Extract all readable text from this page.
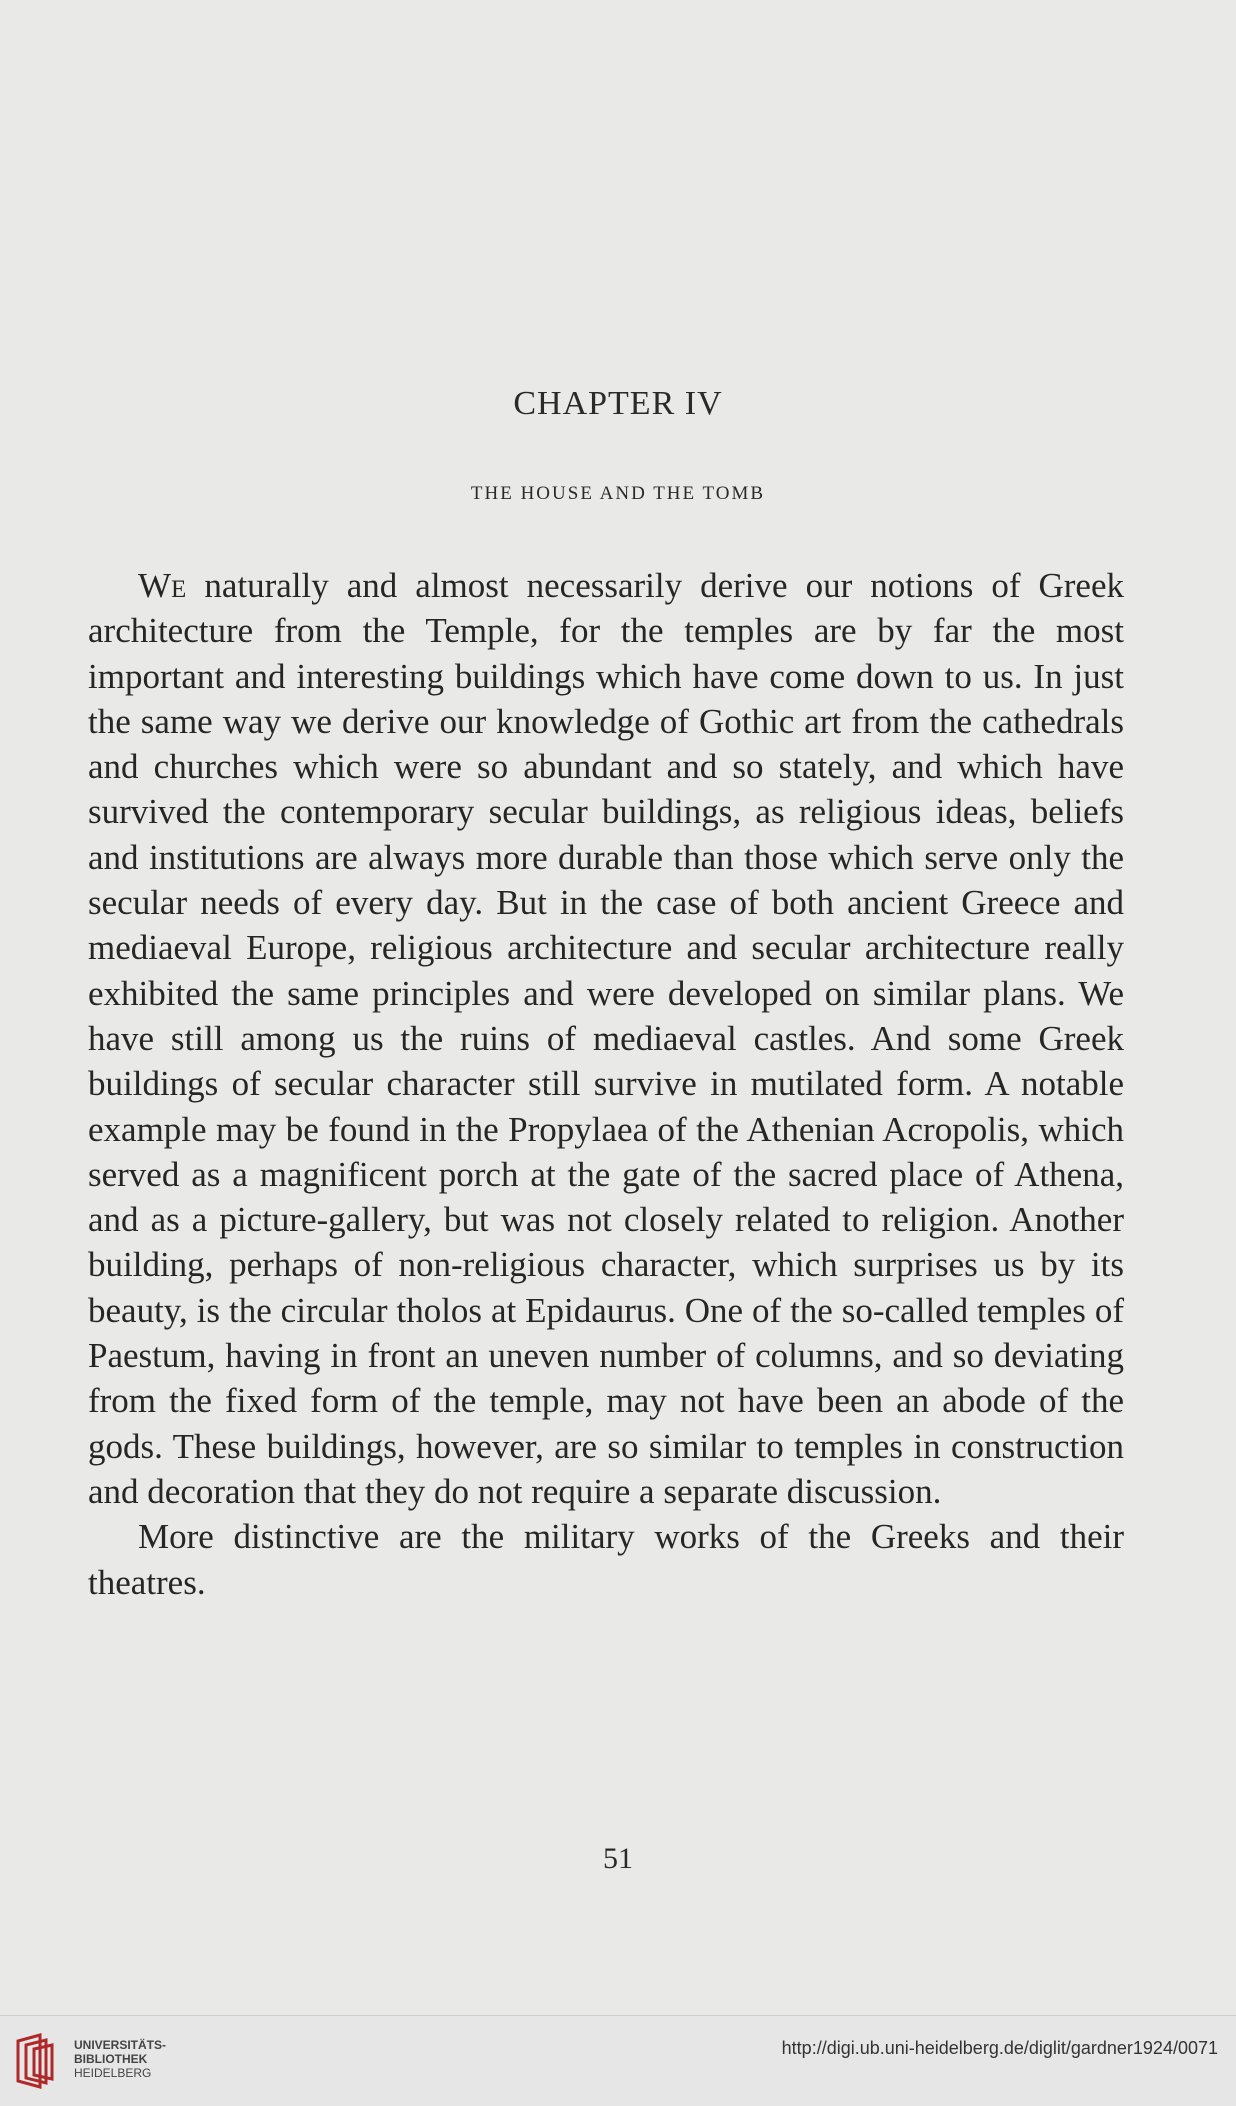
CHAPTER IV
THE HOUSE AND THE TOMB

We naturally and almost necessarily derive our notions of Greek architecture from the Temple, for the temples are by far the most important and interesting buildings which have come down to us. In just the same way we derive our knowledge of Gothic art from the cathedrals and churches which were so abundant and so stately, and which have survived the contemporary secular buildings, as religious ideas, beliefs and institutions are always more durable than those which serve only the secular needs of every day. But in the case of both ancient Greece and mediaeval Europe, religious architecture and secular architecture really exhibited the same principles and were developed on similar plans. We have still among us the ruins of mediaeval castles. And some Greek buildings of secular character still survive in mutilated form. A notable example may be found in the Propylaea of the Athenian Acropolis, which served as a magnificent porch at the gate of the sacred place of Athena, and as a picture-gallery, but was not closely related to religion. Another building, perhaps of non-religious character, which surprises us by its beauty, is the circular tholos at Epidaurus. One of the so-called temples of Paestum, having in front an uneven number of columns, and so deviating from the fixed form of the temple, may not have been an abode of the gods. These buildings, however, are so similar to temples in construction and decoration that they do not require a separate discussion.

More distinctive are the military works of the Greeks and their theatres.

51
UNIVERSITÄTS-
BIBLIOTHEK
HEIDELBERG
http://digi.ub.uni-heidelberg.de/diglit/gardner1924/0071
